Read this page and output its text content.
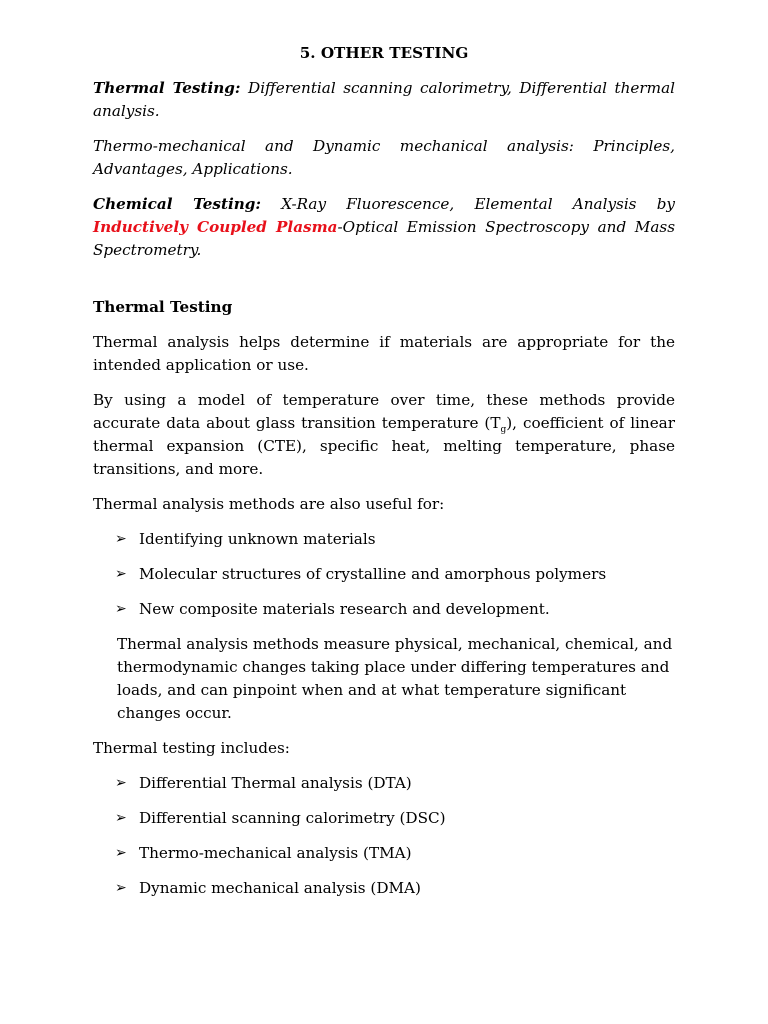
5. OTHER TESTING

Thermal Testing: Differential scanning calorimetry, Differential thermal analysis.

Thermo-mechanical and Dynamic mechanical analysis: Principles, Advantages, Applications.

Chemical Testing: X-Ray Fluorescence, Elemental Analysis by Inductively Coupled Plasma-Optical Emission Spectroscopy and Mass Spectrometry.

Thermal Testing

Thermal analysis helps determine if materials are appropriate for the intended application or use.

By using a model of temperature over time, these methods provide accurate data about glass transition temperature $(T_g)$, coefficient of linear thermal expansion (CTE), specific heat, melting temperature, phase transitions, and more.

Thermal analysis methods are also useful for:

➢ Identifying unknown materials
➢ Molecular structures of crystalline and amorphous polymers
➢ New composite materials research and development.

Thermal analysis methods measure physical, mechanical, chemical, and thermodynamic changes taking place under differing temperatures and loads, and can pinpoint when and at what temperature significant changes occur.

Thermal testing includes:

➢ Differential Thermal analysis (DTA)
➢ Differential scanning calorimetry (DSC)
➢ Thermo-mechanical analysis (TMA)
➢ Dynamic mechanical analysis (DMA)
